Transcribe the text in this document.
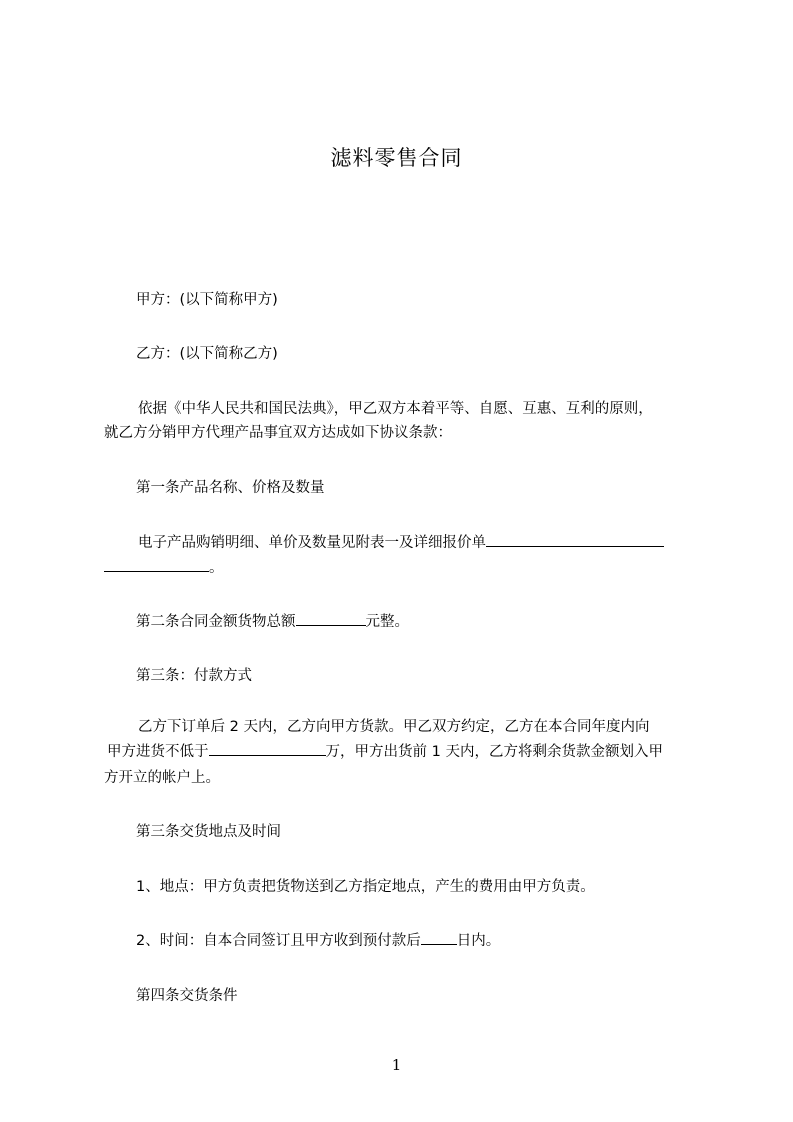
滤料零售合同
甲方：(以下简称甲方)
乙方：(以下简称乙方)
依据《中华人民共和国民法典》，甲乙双方本着平等、自愿、互惠、互利的原则，
就乙方分销甲方代理产品事宜双方达成如下协议条款：
第一条产品名称、价格及数量
电子产品购销明细、单价及数量见附表一及详细报价单
。
第二条合同金额货物总额	元整。
第三条：付款方式
乙方下订单后 2 天内，乙方向甲方货款。甲乙双方约定，乙方在本合同年度内向
甲方进货不低于	万，甲方出货前 1 天内，乙方将剩余货款金额划入甲
方开立的帐户上。
第三条交货地点及时间
1、地点：甲方负责把货物送到乙方指定地点，产生的费用由甲方负责。
2、时间：自本合同签订且甲方收到预付款后 日内。
第四条交货条件
1
